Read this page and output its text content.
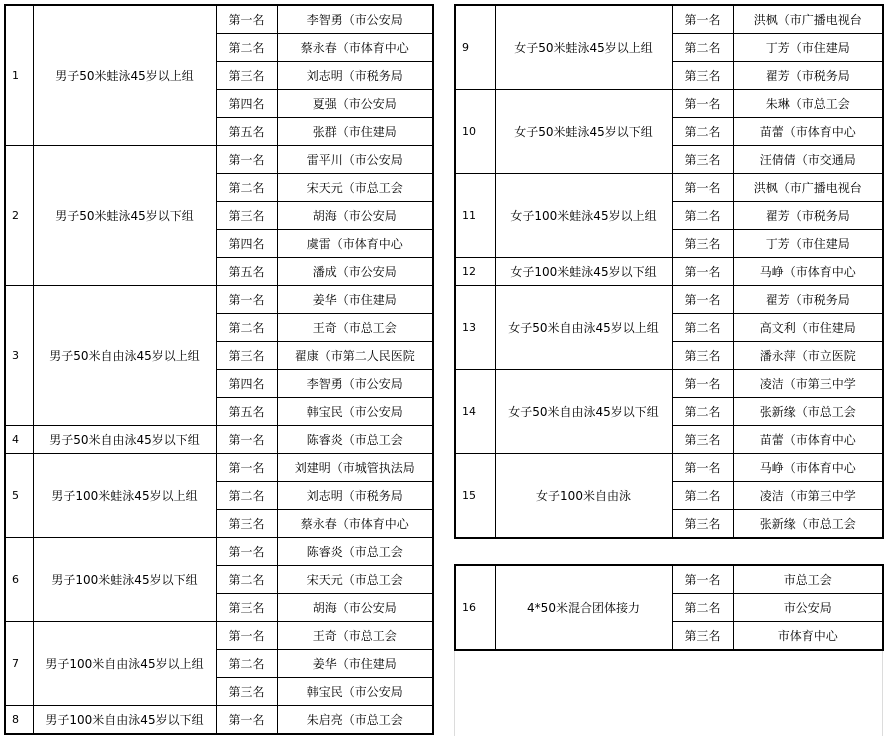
1	男子50米蛙泳45岁以上组	第一名	李智勇（市公安局
		第二名	蔡永春（市体育中心
		第三名	刘志明（市税务局
		第四名	夏强（市公安局
		第五名	张群（市住建局
2	男子50米蛙泳45岁以下组	第一名	雷平川（市公安局
		第二名	宋天元（市总工会
		第三名	胡海（市公安局
		第四名	虞雷（市体育中心
		第五名	潘成（市公安局
3	男子50米自由泳45岁以上组	第一名	姜华（市住建局
		第二名	王奇（市总工会
		第三名	翟康（市第二人民医院
		第四名	李智勇（市公安局
		第五名	韩宝民（市公安局
4	男子50米自由泳45岁以下组	第一名	陈睿炎（市总工会
5	男子100米蛙泳45岁以上组	第一名	刘建明（市城管执法局
		第二名	刘志明（市税务局
		第三名	蔡永春（市体育中心
6	男子100米蛙泳45岁以下组	第一名	陈睿炎（市总工会
		第二名	宋天元（市总工会
		第三名	胡海（市公安局
7	男子100米自由泳45岁以上组	第一名	王奇（市总工会
		第二名	姜华（市住建局
		第三名	韩宝民（市公安局
8	男子100米自由泳45岁以下组	第一名	朱启亮（市总工会
9	女子50米蛙泳45岁以上组	第一名	洪枫（市广播电视台
		第二名	丁芳（市住建局
		第三名	翟芳（市税务局
10	女子50米蛙泳45岁以下组	第一名	朱琳（市总工会
		第二名	苗蕾（市体育中心
		第三名	汪倩倩（市交通局
11	女子100米蛙泳45岁以上组	第一名	洪枫（市广播电视台
		第二名	翟芳（市税务局
		第三名	丁芳（市住建局
12	女子100米蛙泳45岁以下组	第一名	马峥（市体育中心
13	女子50米自由泳45岁以上组	第一名	翟芳（市税务局
		第二名	高文利（市住建局
		第三名	潘永萍（市立医院
14	女子50米自由泳45岁以下组	第一名	凌洁（市第三中学
		第二名	张新缘（市总工会
		第三名	苗蕾（市体育中心
15	女子100米自由泳	第一名	马峥（市体育中心
		第二名	凌洁（市第三中学
		第三名	张新缘（市总工会
16	4*50米混合团体接力	第一名	市总工会
		第二名	市公安局
		第三名	市体育中心
